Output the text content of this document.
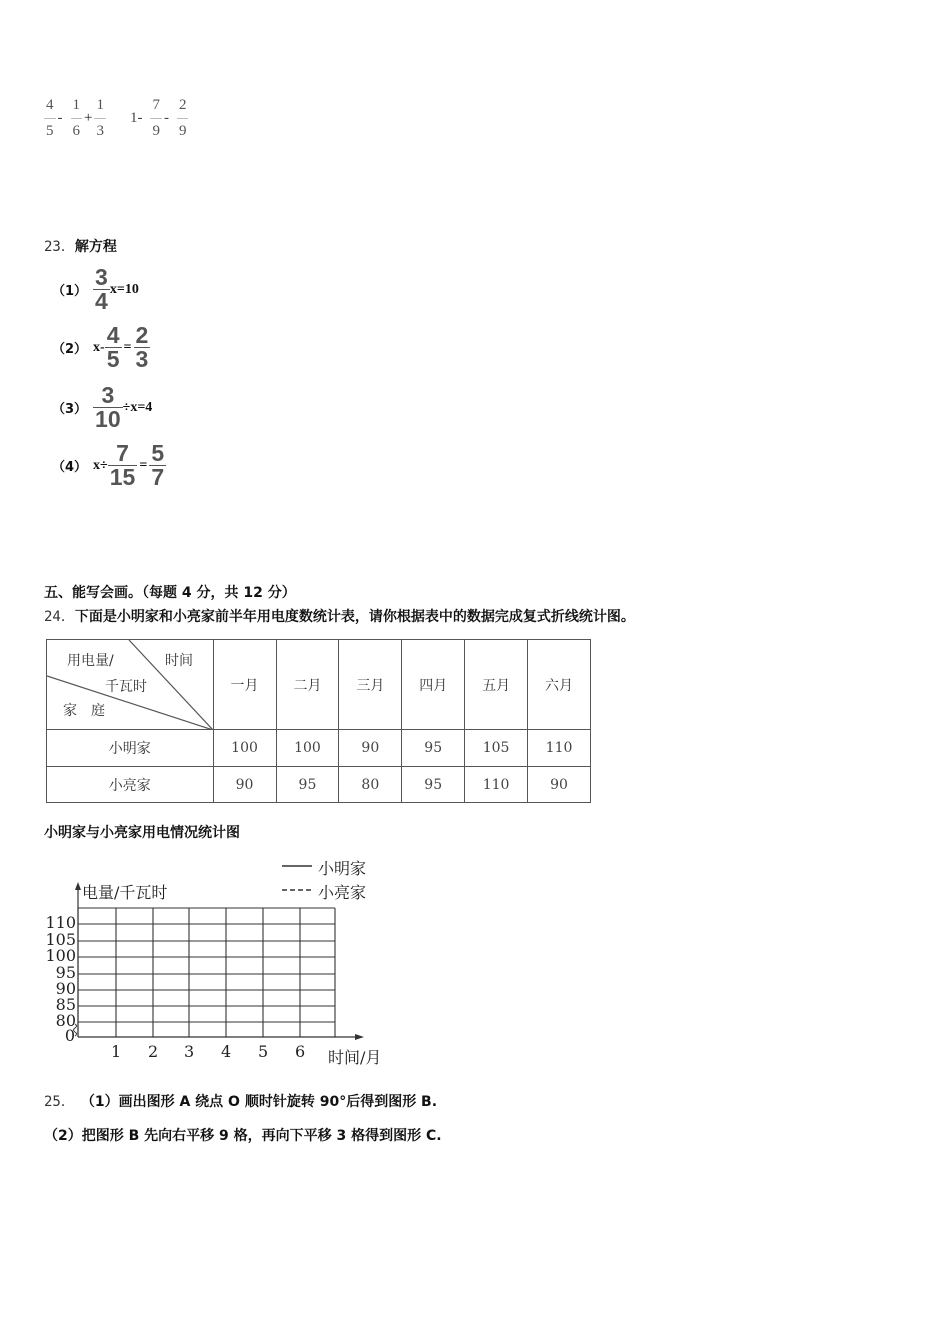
$\frac{4}{5} - \frac{1}{6} + \frac{1}{3} 1- \frac{7}{9} - \frac{2}{9}$
23． 解方程
$(1) \frac{3}{4} x=10$
（2） $x- \frac{4}{5} = \frac{2}{3}$
$(3) \frac{3}{10} \div x=4$
（4） $x\div \frac{7}{15} = \frac{5}{7}$
五、能写会画。（每题 4 分，共 12 分）
24． 下面是小明家和小亮家前半年用电度数统计表，请你根据表中的数据完成复式折线统计图。
用电量/ 时间
千瓦时
家　庭	一月	二月	三月	四月	五月	六月
小明家	100	100	90	95	105	110
小亮家	90	95	80	95	110	90
小明家与小亮家用电情况统计图
电量/千瓦时
小明家
小亮家
110
105
100
95
90
85
80
0
1 2 3 4 5 6 时间/月
25． （1）画出图形 A 绕点 O 顺时针旋转 90°后得到图形 B.
（2）把图形 B 先向右平移 9 格，再向下平移 3 格得到图形 C.
